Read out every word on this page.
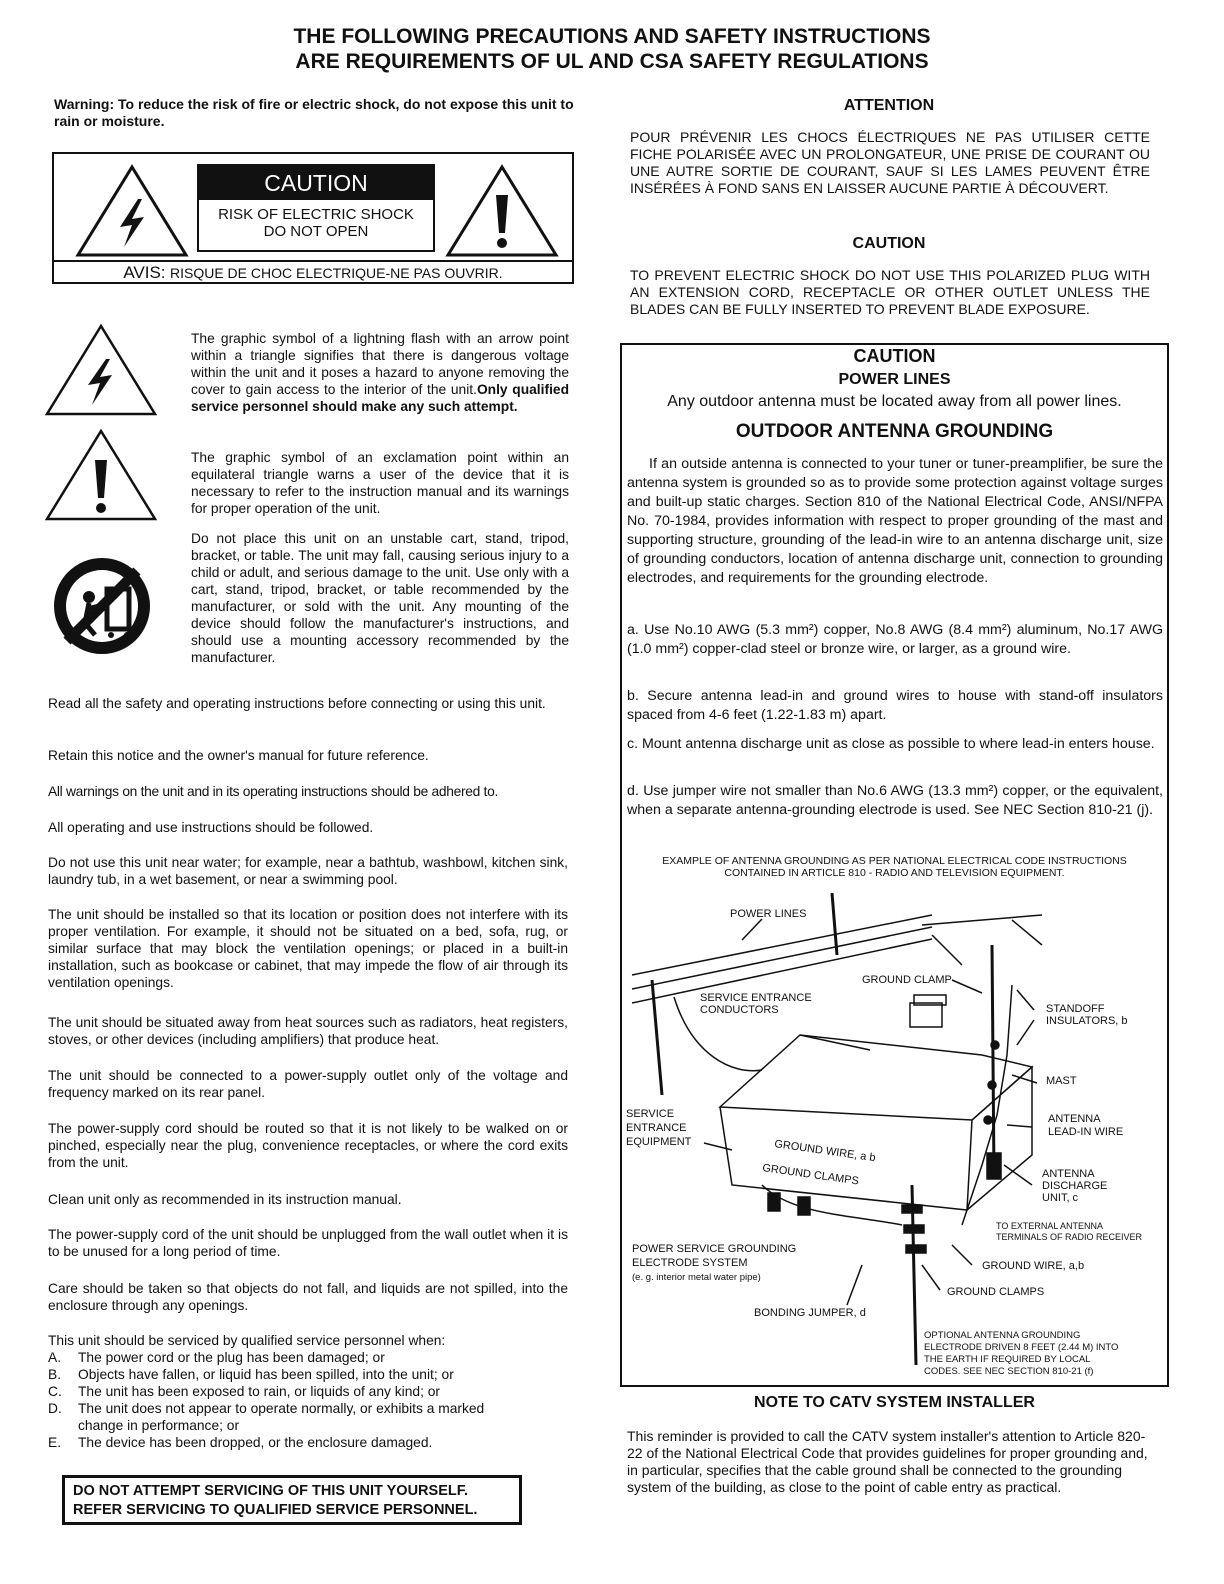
THE FOLLOWING PRECAUTIONS AND SAFETY INSTRUCTIONS
ARE REQUIREMENTS OF UL AND CSA SAFETY REGULATIONS

Warning: To reduce the risk of fire or electric shock, do not expose this unit to rain or moisture.

CAUTION
RISK OF ELECTRIC SHOCK
DO NOT OPEN
AVIS: RISQUE DE CHOC ELECTRIQUE-NE PAS OUVRIR.

The graphic symbol of a lightning flash with an arrow point within a triangle signifies that there is dangerous voltage within the unit and it poses a hazard to anyone removing the cover to gain access to the interior of the unit.Only qualified service personnel should make any such attempt.

The graphic symbol of an exclamation point within an equilateral triangle warns a user of the device that it is necessary to refer to the instruction manual and its warnings for proper operation of the unit.

Do not place this unit on an unstable cart, stand, tripod, bracket, or table. The unit may fall, causing serious injury to a child or adult, and serious damage to the unit. Use only with a cart, stand, tripod, bracket, or table recommended by the manufacturer, or sold with the unit. Any mounting of the device should follow the manufacturer's instructions, and should use a mounting accessory recommended by the manufacturer.

Read all the safety and operating instructions before connecting or using this unit.

Retain this notice and the owner's manual for future reference.

All warnings on the unit and in its operating instructions should be adhered to.

All operating and use instructions should be followed.

Do not use this unit near water; for example, near a bathtub, washbowl, kitchen sink, laundry tub, in a wet basement, or near a swimming pool.

The unit should be installed so that its location or position does not interfere with its proper ventilation. For example, it should not be situated on a bed, sofa, rug, or similar surface that may block the ventilation openings; or placed in a built-in installation, such as bookcase or cabinet, that may impede the flow of air through its ventilation openings.

The unit should be situated away from heat sources such as radiators, heat registers, stoves, or other devices (including amplifiers) that produce heat.

The unit should be connected to a power-supply outlet only of the voltage and frequency marked on its rear panel.

The power-supply cord should be routed so that it is not likely to be walked on or pinched, especially near the plug, convenience receptacles, or where the cord exits from the unit.

Clean unit only as recommended in its instruction manual.

The power-supply cord of the unit should be unplugged from the wall outlet when it is to be unused for a long period of time.

Care should be taken so that objects do not fall, and liquids are not spilled, into the enclosure through any openings.

This unit should be serviced by qualified service personnel when:

A. The power cord or the plug has been damaged; or
B. Objects have fallen, or liquid has been spilled, into the unit; or
C. The unit has been exposed to rain, or liquids of any kind; or
D. The unit does not appear to operate normally, or exhibits a marked change in performance; or
E. The device has been dropped, or the enclosure damaged.
DO NOT ATTEMPT SERVICING OF THIS UNIT YOURSELF.
REFER SERVICING TO QUALIFIED SERVICE PERSONNEL.
ATTENTION

POUR PRÉVENIR LES CHOCS ÉLECTRIQUES NE PAS UTILISER CETTE FICHE POLARISÉE AVEC UN PROLONGATEUR, UNE PRISE DE COURANT OU UNE AUTRE SORTIE DE COURANT, SAUF SI LES LAMES PEUVENT ÊTRE INSÉRÉES À FOND SANS EN LAISSER AUCUNE PARTIE À DÉCOUVERT.

CAUTION

TO PREVENT ELECTRIC SHOCK DO NOT USE THIS POLARIZED PLUG WITH AN EXTENSION CORD, RECEPTACLE OR OTHER OUTLET UNLESS THE BLADES CAN BE FULLY INSERTED TO PREVENT BLADE EXPOSURE.

CAUTION
POWER LINES
Any outdoor antenna must be located away from all power lines.
OUTDOOR ANTENNA GROUNDING

If an outside antenna is connected to your tuner or tuner-preamplifier, be sure the antenna system is grounded so as to provide some protection against voltage surges and built-up static charges. Section 810 of the National Electrical Code, ANSI/NFPA No. 70-1984, provides information with respect to proper grounding of the mast and supporting structure, grounding of the lead-in wire to an antenna discharge unit, size of grounding conductors, location of antenna discharge unit, connection to grounding electrodes, and requirements for the grounding electrode.

a. Use No.10 AWG (5.3 mm²) copper, No.8 AWG (8.4 mm²) aluminum, No.17 AWG (1.0 mm²) copper-clad steel or bronze wire, or larger, as a ground wire.

b. Secure antenna lead-in and ground wires to house with stand-off insulators spaced from 4-6 feet (1.22-1.83 m) apart.

c. Mount antenna discharge unit as close as possible to where lead-in enters house.

d. Use jumper wire not smaller than No.6 AWG (13.3 mm²) copper, or the equivalent, when a separate antenna-grounding electrode is used. See NEC Section 810-21 (j).

EXAMPLE OF ANTENNA GROUNDING AS PER NATIONAL ELECTRICAL CODE INSTRUCTIONS
CONTAINED IN ARTICLE 810 - RADIO AND TELEVISION EQUIPMENT.
POWER LINES
GROUND CLAMP
SERVICE ENTRANCE
CONDUCTORS	STANDOFF
INSULATORS, b
MAST
SERVICE
ENTRANCE
EQUIPMENT	GROUND WIRE, a b
GROUND CLAMPS
ANTENNA
LEAD-IN WIRE
ANTENNA
DISCHARGE
UNIT, c
TO EXTERNAL ANTENNA
TERMINALS OF RADIO RECEIVER
POWER SERVICE GROUNDING
ELECTRODE SYSTEM
(e. g. interior metal water pipe)
GROUND WIRE, a,b
GROUND CLAMPS
BONDING JUMPER, d
OPTIONAL ANTENNA GROUNDING
ELECTRODE DRIVEN 8 FEET (2.44 M) INTO
THE EARTH IF REQUIRED BY LOCAL
CODES. SEE NEC SECTION 810-21 (f)
NOTE TO CATV SYSTEM INSTALLER

This reminder is provided to call the CATV system installer's attention to Article 820-22 of the National Electrical Code that provides guidelines for proper grounding and, in particular, specifies that the cable ground shall be connected to the grounding system of the building, as close to the point of cable entry as practical.
